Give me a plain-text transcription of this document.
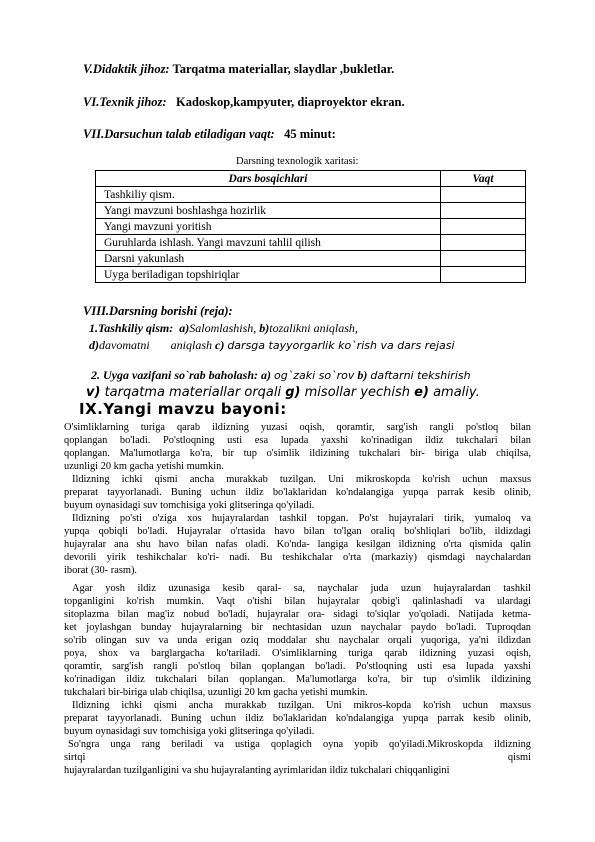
V.Didaktik jihoz: Tarqatma materiallar, slaydlar ,bukletlar.
VI.Texnik jihoz: Kadoskop,kampyuter, diaproyektor ekran.
VII.Darsuchun talab etiladigan vaqt: 45 minut:
Darsning texnologik xaritasi:
Dars bosqichlari	Vaqt
Tashkiliy qism.	
Yangi mavzuni boshlashga hozirlik	
Yangi mavzuni yoritish	
Guruhlarda ishlash. Yangi mavzuni tahlil qilish	
Darsni yakunlash	
Uyga beriladigan topshiriqlar	
VIII.Darsning borishi (reja):
1.Tashkiliy qism: a)Salomlashish, b)tozalikni aniqlash,
d)davomatni       aniqlash c) darsga tayyorgarlik ko`rish va dars rejasi
2. Uyga vazifani so`rab baholash: a) og`zaki so`rov b) daftarni tekshirish
v) tarqatma materiallar orqali g) misollar yechish e) amaliy.
IX.Yangi mavzu bayoni:
O'simliklarning turiga qarab ildizning yuzasi oqish, qoramtir, sarg'ish rangli po'stloq bilan
qoplangan bo'ladi. Po'stloqning usti esa lupada yaxshi ko'rinadigan ildiz tukchalari bilan
qoplangan. Ma'lumotlarga ko'ra, bir tup o'simlik ildizining tukchalari bir- biriga ulab chiqilsa,
uzunligi 20 km gacha yetishi mumkin.
Ildizning ichki qismi ancha murakkab tuzilgan. Uni mikroskopda ko'rish uchun maxsus
preparat tayyorlanadi. Buning uchun ildiz bo'laklaridan ko'ndalangiga yupqa parrak kesib olinib,
buyum oynasidagi suv tomchisiga yoki glitseringa qo'yiladi.
Ildizning po'sti o'ziga xos hujayralardan tashkil topgan. Po'st hujayralari tirik, yumaloq va
yupqa qobiqli bo'ladi. Hujayralar o'rtasida havo bilan to'lgan oraliq bo'shliqlari bo'lib, ildizdagi
hujayralar ana shu havo bilan nafas oladi. Ko'nda- langiga kesilgan ildizning o'rta qismida qalin
devorili yirik teshikchalar ko'ri- nadi. Bu teshikchalar o'rta (markaziy) qismdagi naychalardan
iborat (30- rasm).
Agar yosh ildiz uzunasiga kesib qaral- sa, naychalar juda uzun hujayralardan tashkil
topganligini ko'rish mumkin. Vaqt o'tishi bilan hujayralar qobig'i qalinlashadi va ulardagi
sitoplazma bilan mag'iz nobud bo'ladi, hujayralar ora- sidagi to'siqlar yo'qoladi. Natijada ketma-
ket joylashgan bunday hujayralarning bir nechtasidan uzun naychalar paydo bo'ladi. Tuproqdan
so'rib olingan suv va unda erigan oziq moddalar shu naychalar orqali yuqoriga, ya'ni ildizdan
poya, shox va barglargacha ko'tariladi. O'simliklarning turiga qarab ildizning yuzasi oqish,
qoramtir, sarg'ish rangli po'stloq bilan qoplangan bo'ladi. Po'stloqning usti esa lupada yaxshi
ko'rinadigan ildiz tukchalari bilan qoplangan. Ma'lumotlarga ko'ra, bir tup o'simlik ildizining
tukchalari bir-biriga ulab chiqilsa, uzunligi 20 km gacha yetishi mumkin.
Ildizning ichki qismi ancha murakkab tuzilgan. Uni mikros-kopda ko'rish uchun maxsus
preparat tayyorlanadi. Buning uchun ildiz bo'laklaridan ko'ndalangiga yupqa parrak kesib olinib,
buyum oynasidagi suv tomchisiga yoki glitseringa qo'yiladi.
So'ngra unga rang beriladi va ustiga qoplagich oyna yopib qo'yiladi.Mikroskopda ildizning
sirtqi qismi
hujayralardan tuzilganligini va shu hujayralanting ayrimlaridan ildiz tukchalari chiqqanligini
